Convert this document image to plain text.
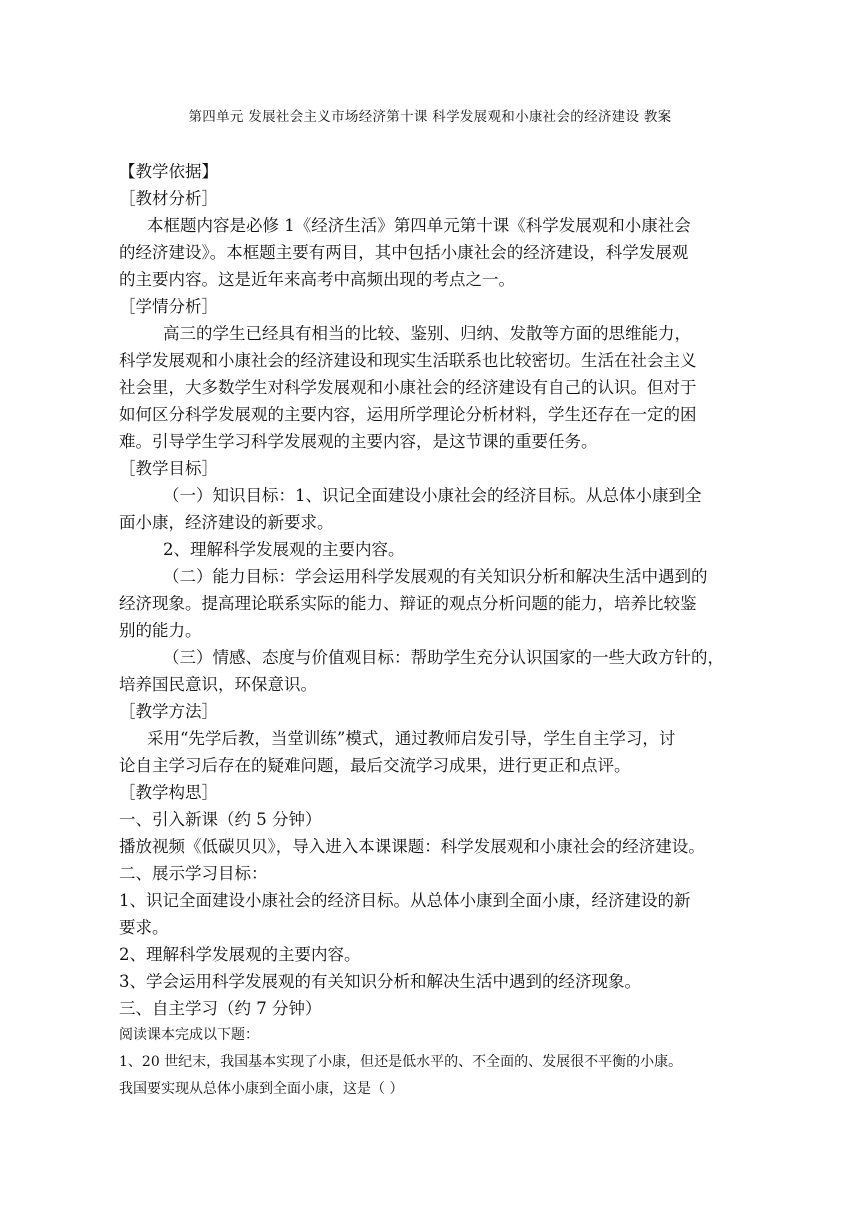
第四单元 发展社会主义市场经济第十课 科学发展观和小康社会的经济建设 教案
【教学依据】
［教材分析］
本框题内容是必修 1《经济生活》第四单元第十课《科学发展观和小康社会
的经济建设》。本框题主要有两目，其中包括小康社会的经济建设，科学发展观
的主要内容。这是近年来高考中高频出现的考点之一。
［学情分析］
高三的学生已经具有相当的比较、鉴别、归纳、发散等方面的思维能力，
科学发展观和小康社会的经济建设和现实生活联系也比较密切。生活在社会主义
社会里，大多数学生对科学发展观和小康社会的经济建设有自己的认识。但对于
如何区分科学发展观的主要内容，运用所学理论分析材料，学生还存在一定的困
难。引导学生学习科学发展观的主要内容，是这节课的重要任务。
［教学目标］
（一）知识目标：1、识记全面建设小康社会的经济目标。从总体小康到全
面小康，经济建设的新要求。
2、理解科学发展观的主要内容。
（二）能力目标：学会运用科学发展观的有关知识分析和解决生活中遇到的
经济现象。提高理论联系实际的能力、辩证的观点分析问题的能力，培养比较鉴
别的能力。
（三）情感、态度与价值观目标：帮助学生充分认识国家的一些大政方针的，
培养国民意识，环保意识。
［教学方法］
采用“先学后教，当堂训练”模式，通过教师启发引导，学生自主学习，讨
论自主学习后存在的疑难问题，最后交流学习成果，进行更正和点评。
［教学构思］
一、引入新课（约 5 分钟）
播放视频《低碳贝贝》，导入进入本课课题：科学发展观和小康社会的经济建设。
二、展示学习目标：
1、识记全面建设小康社会的经济目标。从总体小康到全面小康，经济建设的新
要求。
2、理解科学发展观的主要内容。
3、学会运用科学发展观的有关知识分析和解决生活中遇到的经济现象。
三、自主学习（约 7 分钟）
阅读课本完成以下题：
1、20 世纪末，我国基本实现了小康，但还是低水平的、不全面的、发展很不平衡的小康。
我国要实现从总体小康到全面小康，这是（ ）
